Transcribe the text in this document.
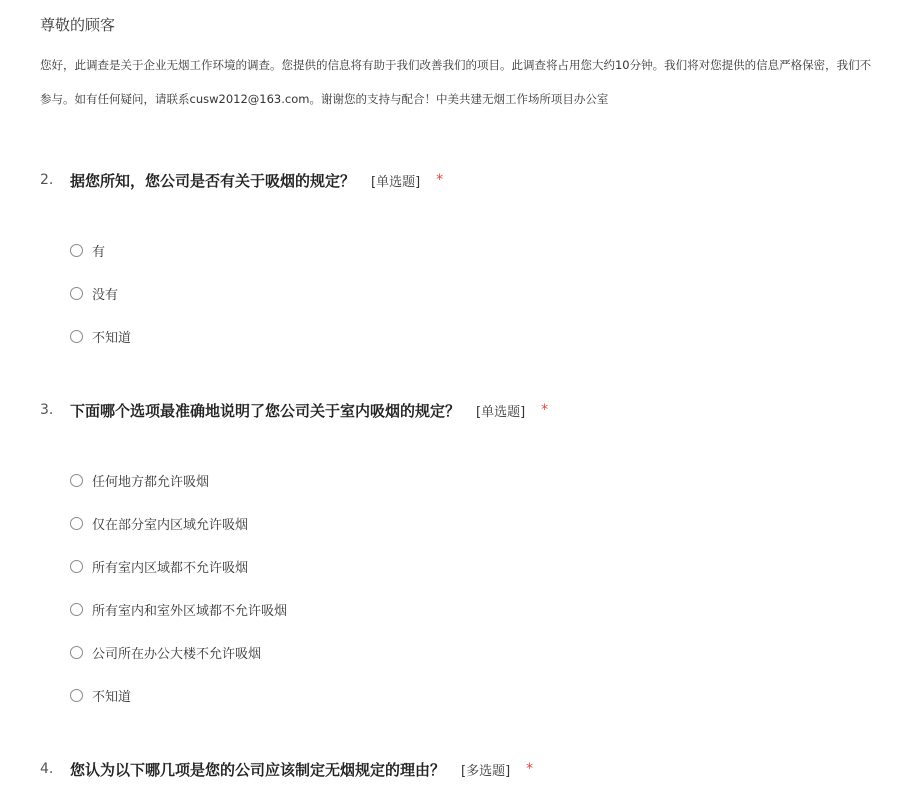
尊敬的顾客
您好，此调查是关于企业无烟工作环境的调查。您提供的信息将有助于我们改善我们的项目。此调查将占用您大约10分钟。我们将对您提供的信息严格保密，我们不
参与。如有任何疑问，请联系cusw2012@163.com。谢谢您的支持与配合！中美共建无烟工作场所项目办公室
2.	据您所知，您公司是否有关于吸烟的规定？ [单选题] *
有
没有
不知道
3.	下面哪个选项最准确地说明了您公司关于室内吸烟的规定？ [单选题] *
任何地方都允许吸烟
仅在部分室内区域允许吸烟
所有室内区域都不允许吸烟
所有室内和室外区域都不允许吸烟
公司所在办公大楼不允许吸烟
不知道
4.	您认为以下哪几项是您的公司应该制定无烟规定的理由？ [多选题] *
